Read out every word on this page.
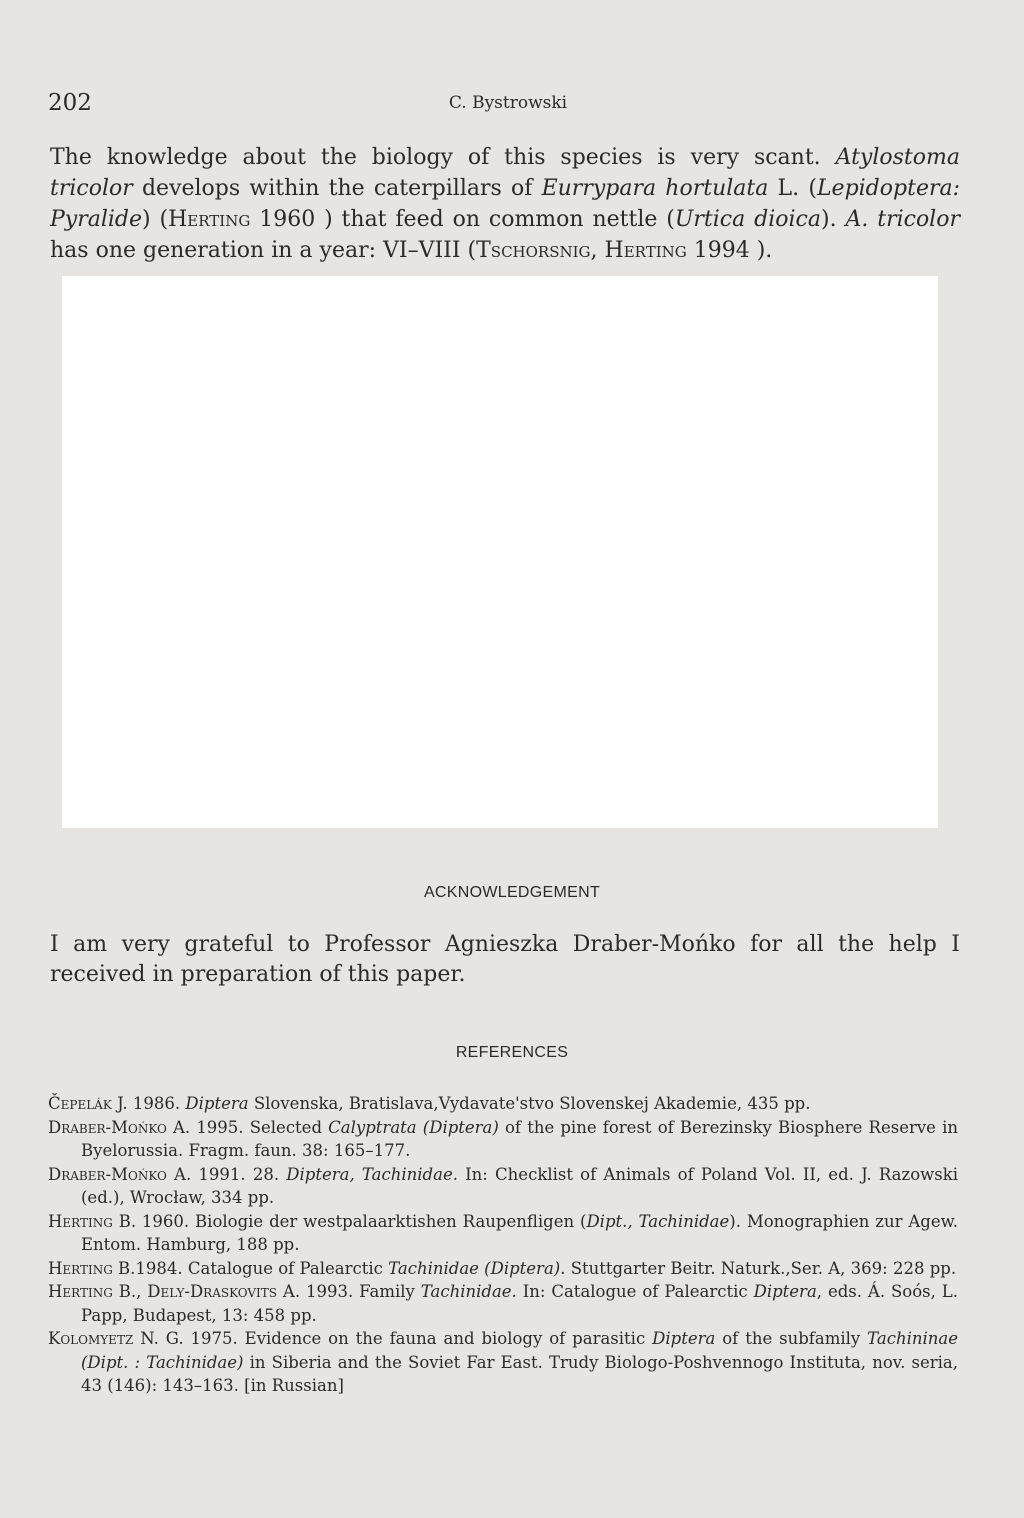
202	C. Bystrowski

The knowledge about the biology of this species is very scant. Atylostoma tricolor develops within the caterpillars of Eurrypara hortulata L. (Lepidoptera: Pyralide) (Herting 1960 ) that feed on common nettle (Urtica dioica). A. tricolor has one generation in a year: VI–VIII (Tschorsnig, Herting 1994 ).

ACKNOWLEDGEMENT

I am very grateful to Professor Agnieszka Draber-Mońko for all the help I received in preparation of this paper.

REFERENCES

Čepelák J. 1986. Diptera Slovenska, Bratislava,Vydavate'stvo Slovenskej Akademie, 435 pp.

Draber-Mońko A. 1995. Selected Calyptrata (Diptera) of the pine forest of Berezinsky Biosphere Reserve in Byelorussia. Fragm. faun. 38: 165–177.

Draber-Mońko A. 1991. 28. Diptera, Tachinidae. In: Checklist of Animals of Poland Vol. II, ed. J. Razowski (ed.), Wrocław, 334 pp.

Herting B. 1960. Biologie der westpalaarktishen Raupenfligen (Dipt., Tachinidae). Monographien zur Agew. Entom. Hamburg, 188 pp.

Herting B.1984. Catalogue of Palearctic Tachinidae (Diptera). Stuttgarter Beitr. Naturk.,Ser. A, 369: 228 pp.

Herting B., Dely-Draskovits A. 1993. Family Tachinidae. In: Catalogue of Palearctic Diptera, eds. Á. Soós, L. Papp, Budapest, 13: 458 pp.

Kolomyetz N. G. 1975. Evidence on the fauna and biology of parasitic Diptera of the subfamily Tachininae (Dipt. : Tachinidae) in Siberia and the Soviet Far East. Trudy Biologo-Poshvennogo Instituta, nov. seria, 43 (146): 143–163. [in Russian]
